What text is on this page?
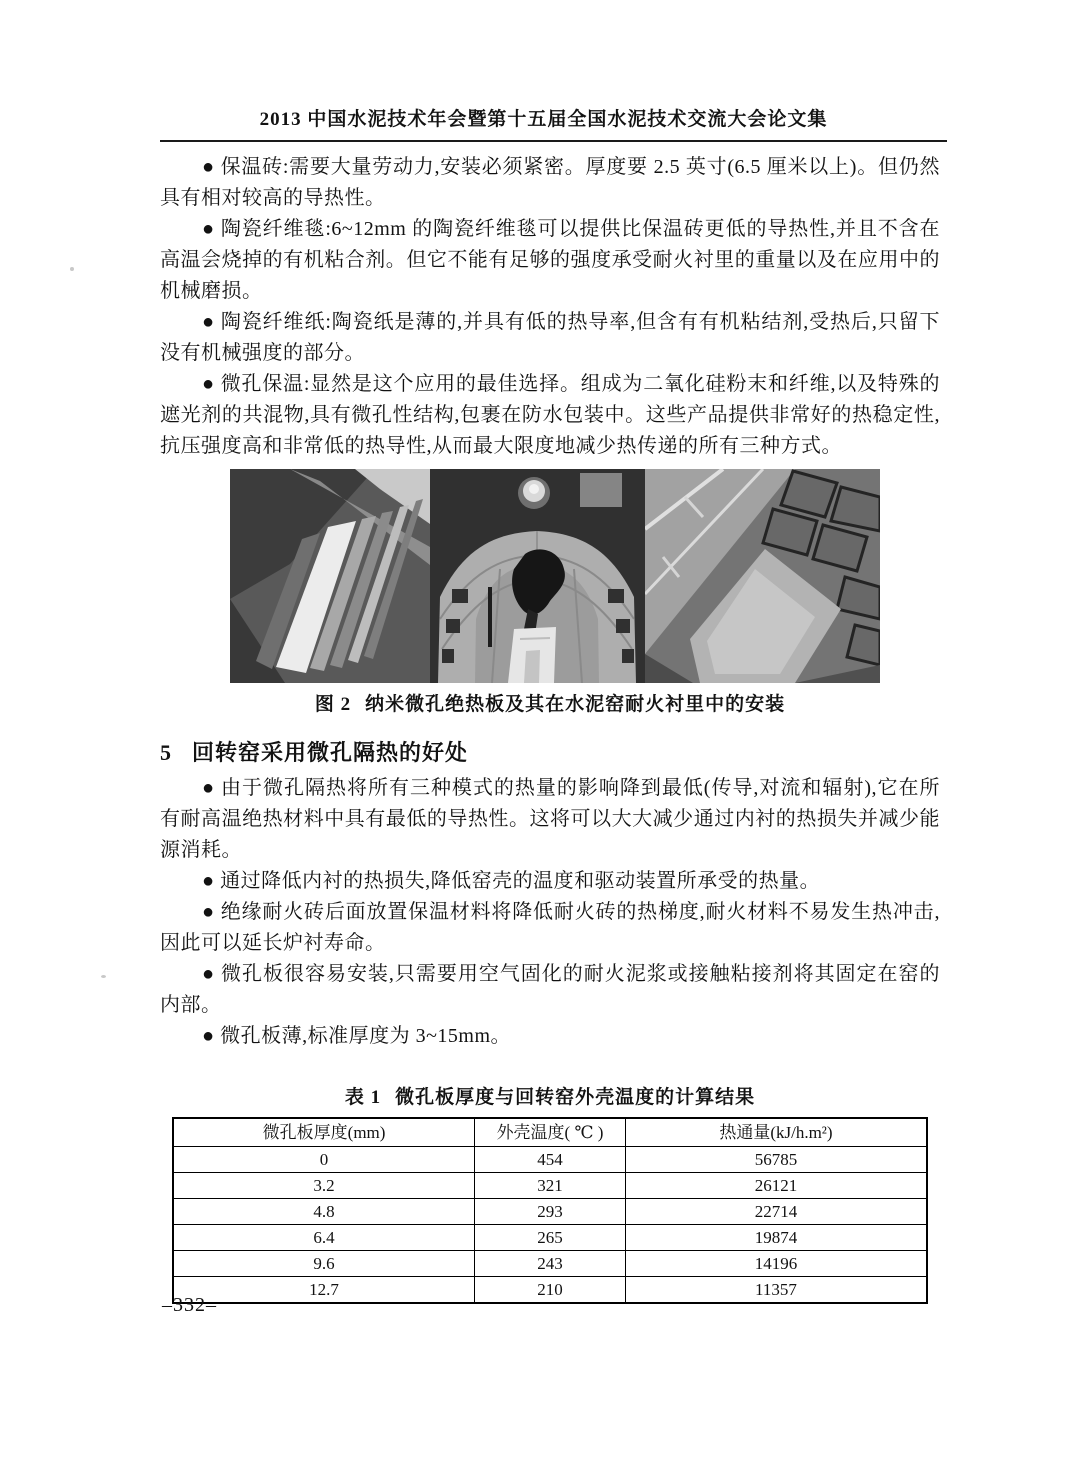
2013 中国水泥技术年会暨第十五届全国水泥技术交流大会论文集

● 保温砖:需要大量劳动力,安装必须紧密。厚度要 2.5 英寸(6.5 厘米以上)。但仍然具有相对较高的导热性。

● 陶瓷纤维毯:6~12mm 的陶瓷纤维毯可以提供比保温砖更低的导热性,并且不含在高温会烧掉的有机粘合剂。但它不能有足够的强度承受耐火衬里的重量以及在应用中的机械磨损。

● 陶瓷纤维纸:陶瓷纸是薄的,并具有低的热导率,但含有有机粘结剂,受热后,只留下没有机械强度的部分。

● 微孔保温:显然是这个应用的最佳选择。组成为二氧化硅粉末和纤维,以及特殊的遮光剂的共混物,具有微孔性结构,包裹在防水包装中。这些产品提供非常好的热稳定性,抗压强度高和非常低的热导性,从而最大限度地减少热传递的所有三种方式。

图 2 纳米微孔绝热板及其在水泥窑耐火衬里中的安装
5 回转窑采用微孔隔热的好处

● 由于微孔隔热将所有三种模式的热量的影响降到最低(传导,对流和辐射),它在所有耐高温绝热材料中具有最低的导热性。这将可以大大减少通过内衬的热损失并减少能源消耗。

● 通过降低内衬的热损失,降低窑壳的温度和驱动装置所承受的热量。

● 绝缘耐火砖后面放置保温材料将降低耐火砖的热梯度,耐火材料不易发生热冲击,因此可以延长炉衬寿命。

● 微孔板很容易安装,只需要用空气固化的耐火泥浆或接触粘接剂将其固定在窑的内部。

● 微孔板薄,标准厚度为 3~15mm。

表 1 微孔板厚度与回转窑外壳温度的计算结果
微孔板厚度(mm)	外壳温度( ℃ )	热通量(kJ/h.m²)
0	454	56785
3.2	321	26121
4.8	293	22714
6.4	265	19874
9.6	243	14196
12.7	210	11357
–332–
